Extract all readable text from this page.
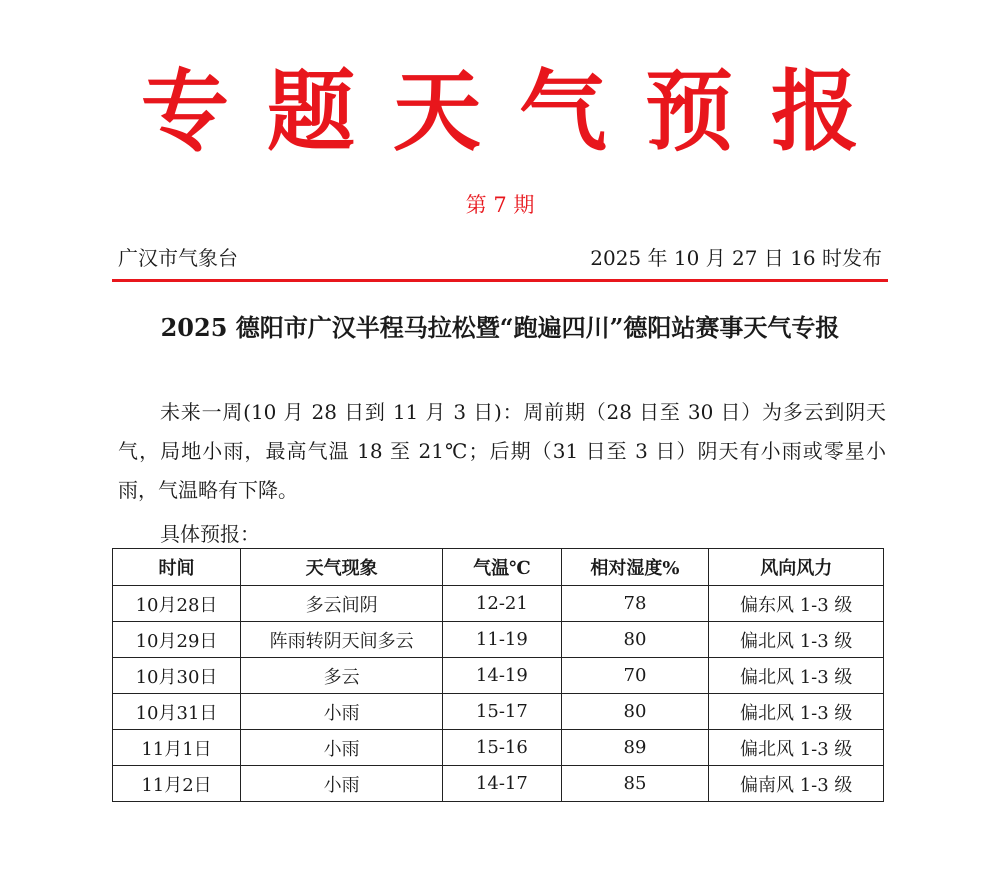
专题天气预报
第 7 期
广汉市气象台	2025 年 10 月 27 日 16 时发布
2025 德阳市广汉半程马拉松暨“跑遍四川”德阳站赛事天气专报
未来一周(10 月 28 日到 11 月 3 日)：周前期（28 日至 30 日）为多云到阴天气，局地小雨，最高气温 18 至 21℃；后期（31 日至 3 日）阴天有小雨或零星小雨，气温略有下降。
具体预报：
时间	天气现象	气温℃	相对湿度%	风向风力
10月28日	多云间阴	12-21	78	偏东风 1-3 级
10月29日	阵雨转阴天间多云	11-19	80	偏北风 1-3 级
10月30日	多云	14-19	70	偏北风 1-3 级
10月31日	小雨	15-17	80	偏北风 1-3 级
11月1日	小雨	15-16	89	偏北风 1-3 级
11月2日	小雨	14-17	85	偏南风 1-3 级
